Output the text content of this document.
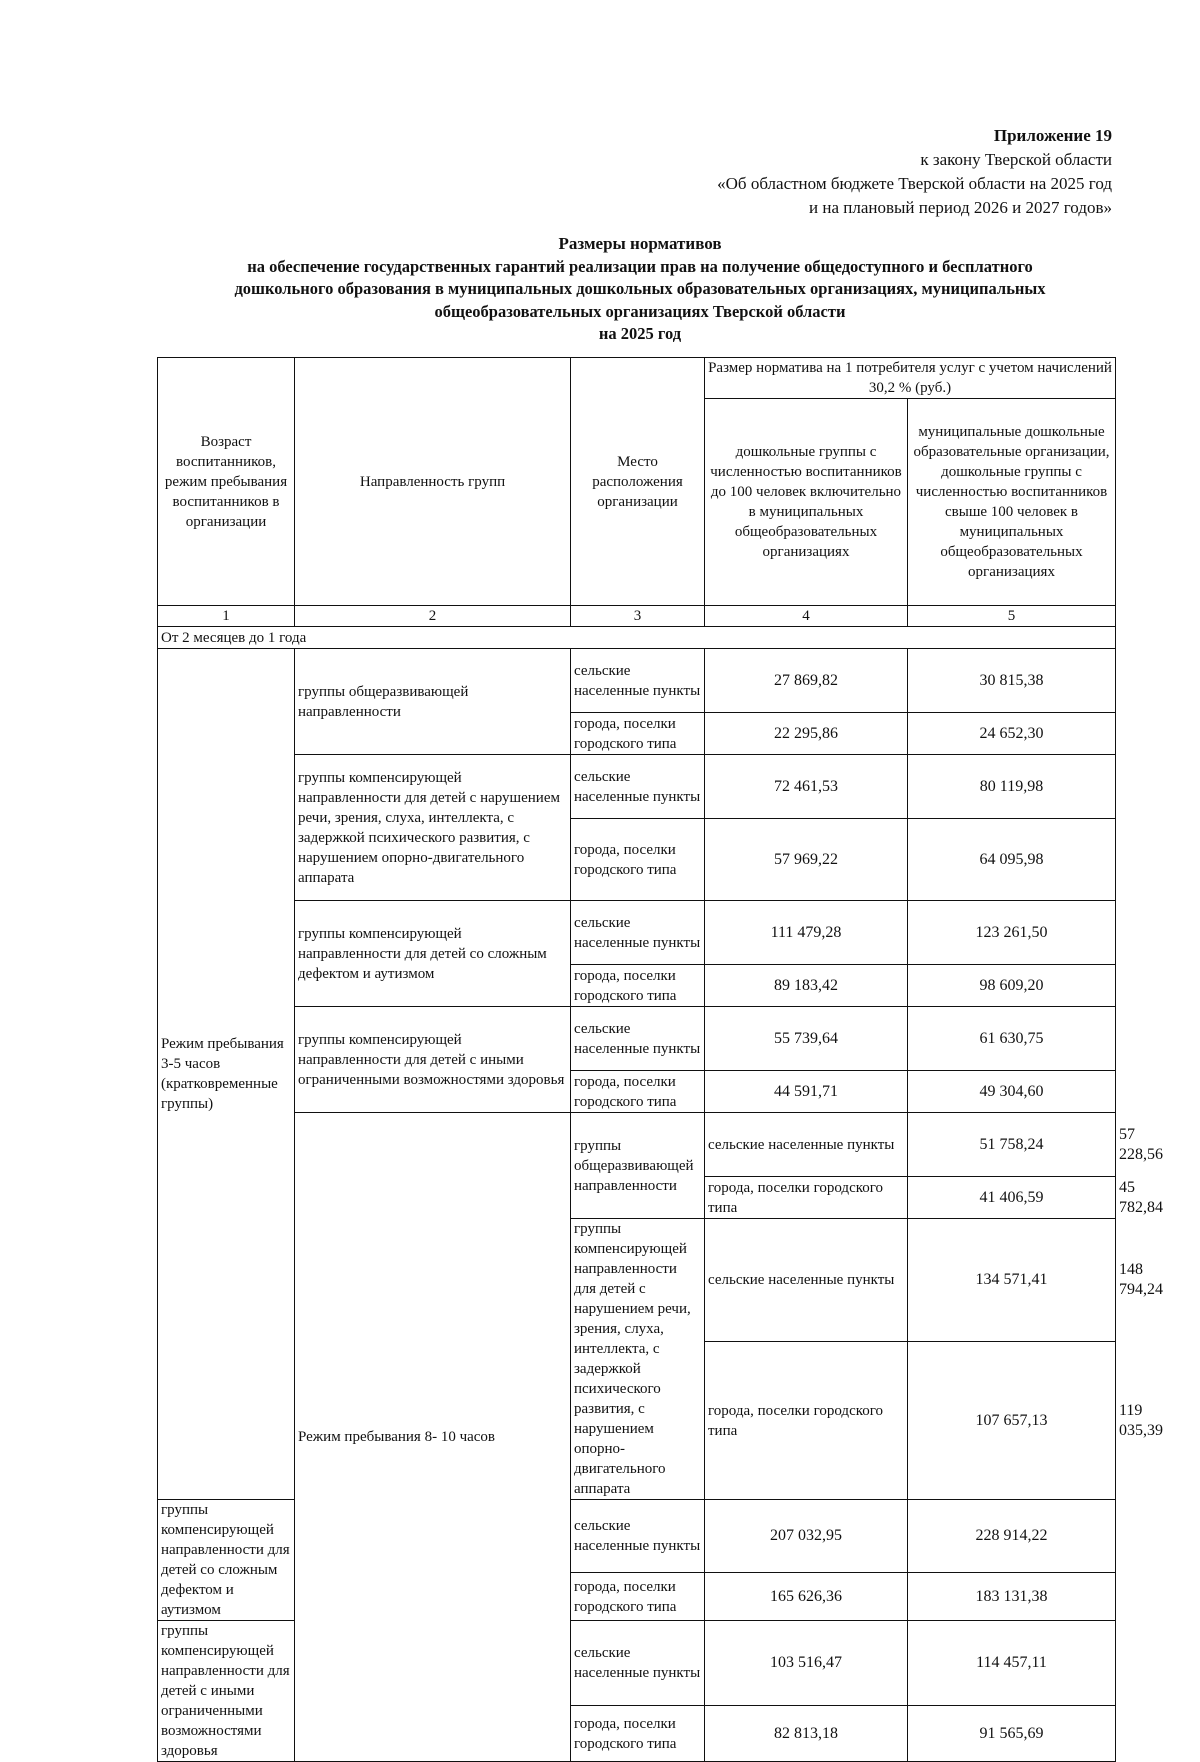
Приложение 19
к закону Тверской области
«Об областном бюджете Тверской области на 2025 год
и на плановый период 2026 и 2027 годов»
Размеры нормативов
на обеспечение государственных гарантий реализации прав на получение общедоступного и бесплатного
дошкольного образования в муниципальных дошкольных образовательных организациях, муниципальных
общеобразовательных организациях Тверской области
на 2025 год
Возраст воспитанников, режим пребывания воспитанников в организации	Направленность групп	Место расположения организации	Размер норматива на 1 потребителя услуг с учетом начислений 30,2 % (руб.)		
			дошкольные группы с численностью воспитанников до 100 человек включительно в муниципальных общеобразовательных организациях	муниципальные дошкольные образовательные организации, дошкольные группы с численностью воспитанников свыше 100 человек в муниципальных общеобразовательных организациях	
1	2	3	4	5	
От 2 месяцев до 1 года					
Режим пребывания 3-5 часов (кратковременные группы)	группы общеразвивающей направленности	сельские населенные пункты	27 869,82	30 815,38	
		города, поселки городского типа	22 295,86	24 652,30	
	группы компенсирующей направленности для детей с нарушением речи, зрения, слуха, интеллекта, с задержкой психического развития, с нарушением опорно-двигательного аппарата	сельские населенные пункты	72 461,53	80 119,98	
		города, поселки городского типа	57 969,22	64 095,98	
	группы компенсирующей направленности для детей со сложным дефектом и аутизмом	сельские населенные пункты	111 479,28	123 261,50	
		города, поселки городского типа	89 183,42	98 609,20	
	группы компенсирующей направленности для детей с иными ограниченными возможностями здоровья	сельские населенные пункты	55 739,64	61 630,75	
		города, поселки городского типа	44 591,71	49 304,60	
	Режим пребывания 8- 10 часов	группы общеразвивающей направленности	сельские населенные пункты	51 758,24	57 228,56
			города, поселки городского типа	41 406,59	45 782,84
		группы компенсирующей направленности для детей с нарушением речи, зрения, слуха, интеллекта, с задержкой психического развития, с нарушением опорно-двигательного аппарата	сельские населенные пункты	134 571,41	148 794,24
			города, поселки городского типа	107 657,13	119 035,39
группы компенсирующей направленности для детей со сложным дефектом и аутизмом		сельские населенные пункты	207 032,95	228 914,22	
		города, поселки городского типа	165 626,36	183 131,38	
группы компенсирующей направленности для детей с иными ограниченными возможностями здоровья		сельские населенные пункты	103 516,47	114 457,11	
		города, поселки городского типа	82 813,18	91 565,69	
